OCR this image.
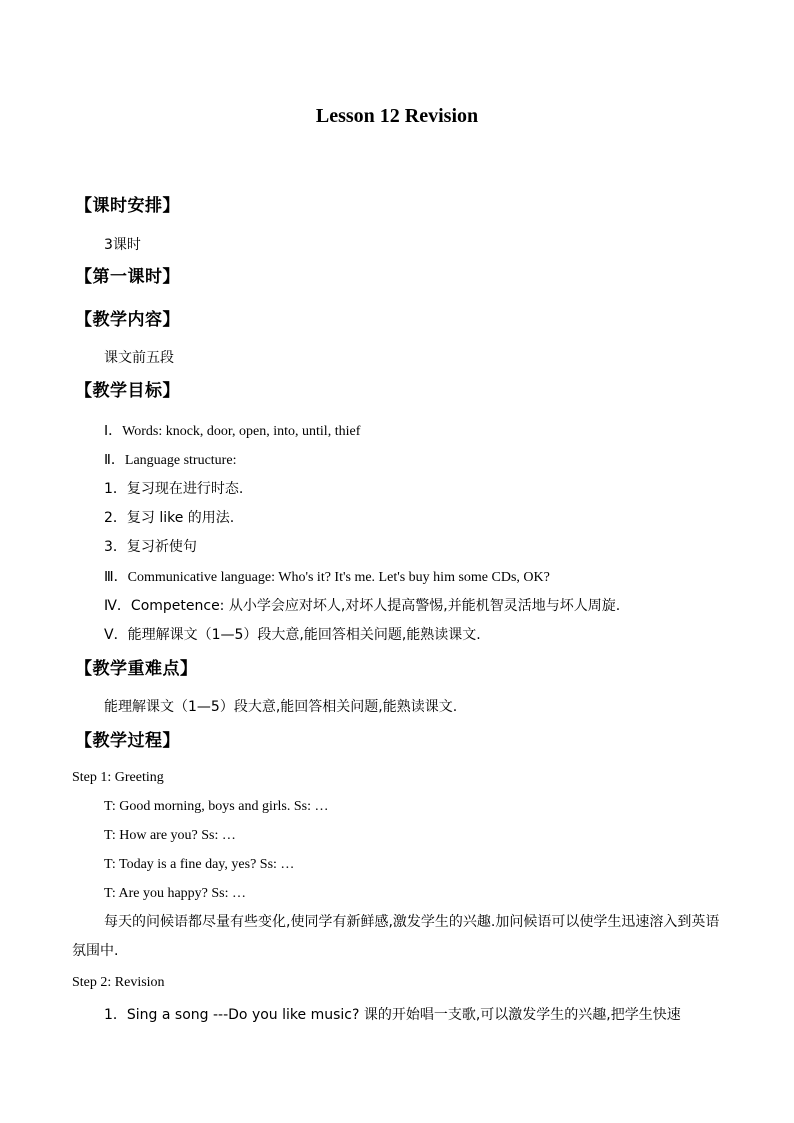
Lesson 12 Revision
【课时安排】
3课时
【第一课时】
【教学内容】
课文前五段
【教学目标】
Ⅰ．Words: knock, door, open, into, until, thief
Ⅱ．Language structure:
1．复习现在进行时态.
2．复习 like 的用法.
3．复习祈使句
Ⅲ．Communicative language: Who's it? It's me. Let's buy him some CDs, OK?
Ⅳ．Competence: 从小学会应对坏人,对坏人提高警惕,并能机智灵活地与坏人周旋.
Ⅴ．能理解课文（1—5）段大意,能回答相关问题,能熟读课文.
【教学重难点】
能理解课文（1—5）段大意,能回答相关问题,能熟读课文.
【教学过程】
Step 1: Greeting
T: Good morning, boys and girls. Ss: …
T: How are you? Ss: …
T: Today is a fine day, yes? Ss: …
T: Are you happy? Ss: …
每天的问候语都尽量有些变化,使同学有新鲜感,激发学生的兴趣.加问候语可以使学生迅速溶入到英语氛围中.
Step 2: Revision
1．Sing a song ---Do you like music? 课的开始唱一支歌,可以激发学生的兴趣,把学生快速
